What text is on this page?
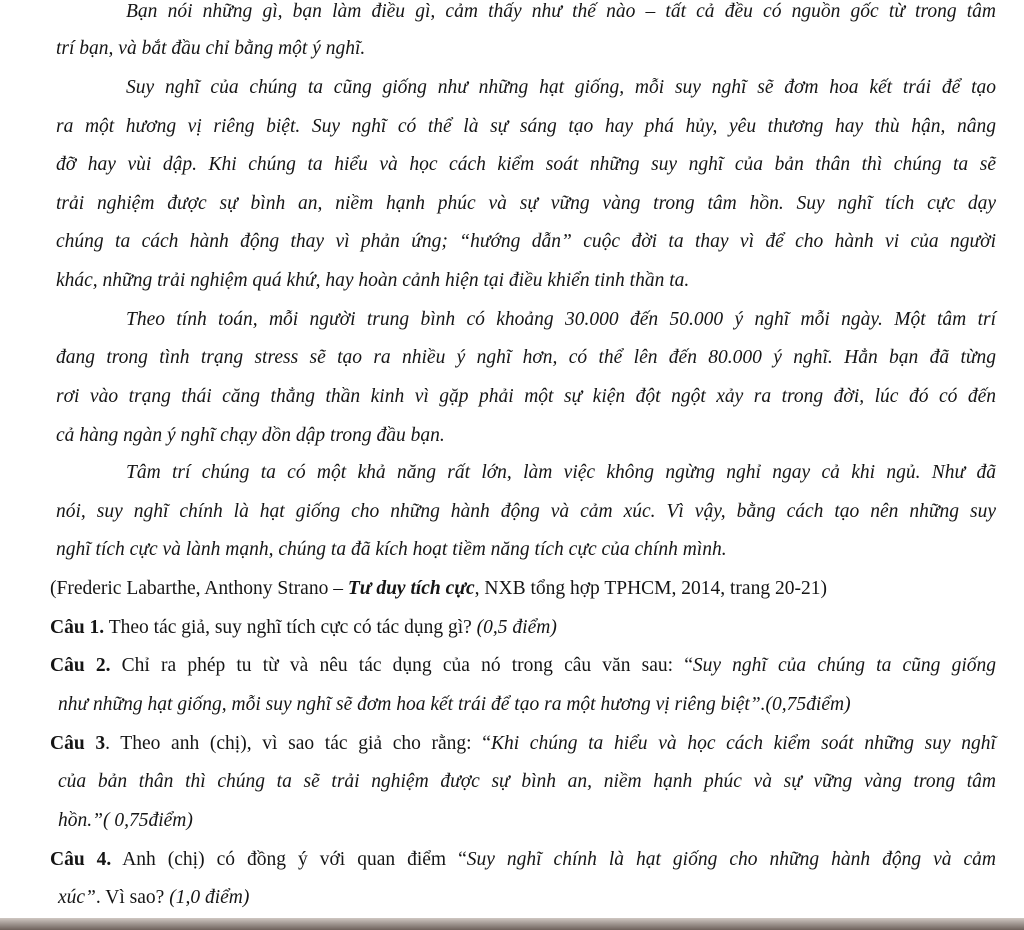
Bạn nói những gì, bạn làm điều gì, cảm thấy như thế nào – tất cả đều có nguồn gốc từ trong tâm
trí bạn, và bắt đầu chỉ bằng một ý nghĩ.
Suy nghĩ của chúng ta cũng giống như những hạt giống, mỗi suy nghĩ sẽ đơm hoa kết trái để tạo
ra một hương vị riêng biệt. Suy nghĩ có thể là sự sáng tạo hay phá hủy, yêu thương hay thù hận, nâng
đỡ hay vùi dập. Khi chúng ta hiểu và học cách kiểm soát những suy nghĩ của bản thân thì chúng ta sẽ
trải nghiệm được sự bình an, niềm hạnh phúc và sự vững vàng trong tâm hồn. Suy nghĩ tích cực dạy
chúng ta cách hành động thay vì phản ứng; “hướng dẫn” cuộc đời ta thay vì để cho hành vi của người
khác, những trải nghiệm quá khứ, hay hoàn cảnh hiện tại điều khiển tinh thần ta.
Theo tính toán, mỗi người trung bình có khoảng 30.000 đến 50.000 ý nghĩ mỗi ngày. Một tâm trí
đang trong tình trạng stress sẽ tạo ra nhiều ý nghĩ hơn, có thể lên đến 80.000 ý nghĩ. Hẳn bạn đã từng
rơi vào trạng thái căng thẳng thần kinh vì gặp phải một sự kiện đột ngột xảy ra trong đời, lúc đó có đến
cả hàng ngàn ý nghĩ chạy dồn dập trong đầu bạn.
Tâm trí chúng ta có một khả năng rất lớn, làm việc không ngừng nghỉ ngay cả khi ngủ. Như đã
nói, suy nghĩ chính là hạt giống cho những hành động và cảm xúc. Vì vậy, bằng cách tạo nên những suy
nghĩ tích cực và lành mạnh, chúng ta đã kích hoạt tiềm năng tích cực của chính mình.
(Frederic Labarthe, Anthony Strano – Tư duy tích cực, NXB tổng hợp TPHCM, 2014, trang 20-21)
Câu 1. Theo tác giả, suy nghĩ tích cực có tác dụng gì? (0,5 điểm)
Câu 2. Chỉ ra phép tu từ và nêu tác dụng của nó trong câu văn sau: “Suy nghĩ của chúng ta cũng giống
như những hạt giống, mỗi suy nghĩ sẽ đơm hoa kết trái để tạo ra một hương vị riêng biệt”.(0,75điểm)
Câu 3. Theo anh (chị), vì sao tác giả cho rằng: “Khi chúng ta hiểu và học cách kiểm soát những suy nghĩ
của bản thân thì chúng ta sẽ trải nghiệm được sự bình an, niềm hạnh phúc và sự vững vàng trong tâm
hồn.”( 0,75điểm)
Câu 4. Anh (chị) có đồng ý với quan điểm “Suy nghĩ chính là hạt giống cho những hành động và cảm
xúc”. Vì sao? (1,0 điểm)
